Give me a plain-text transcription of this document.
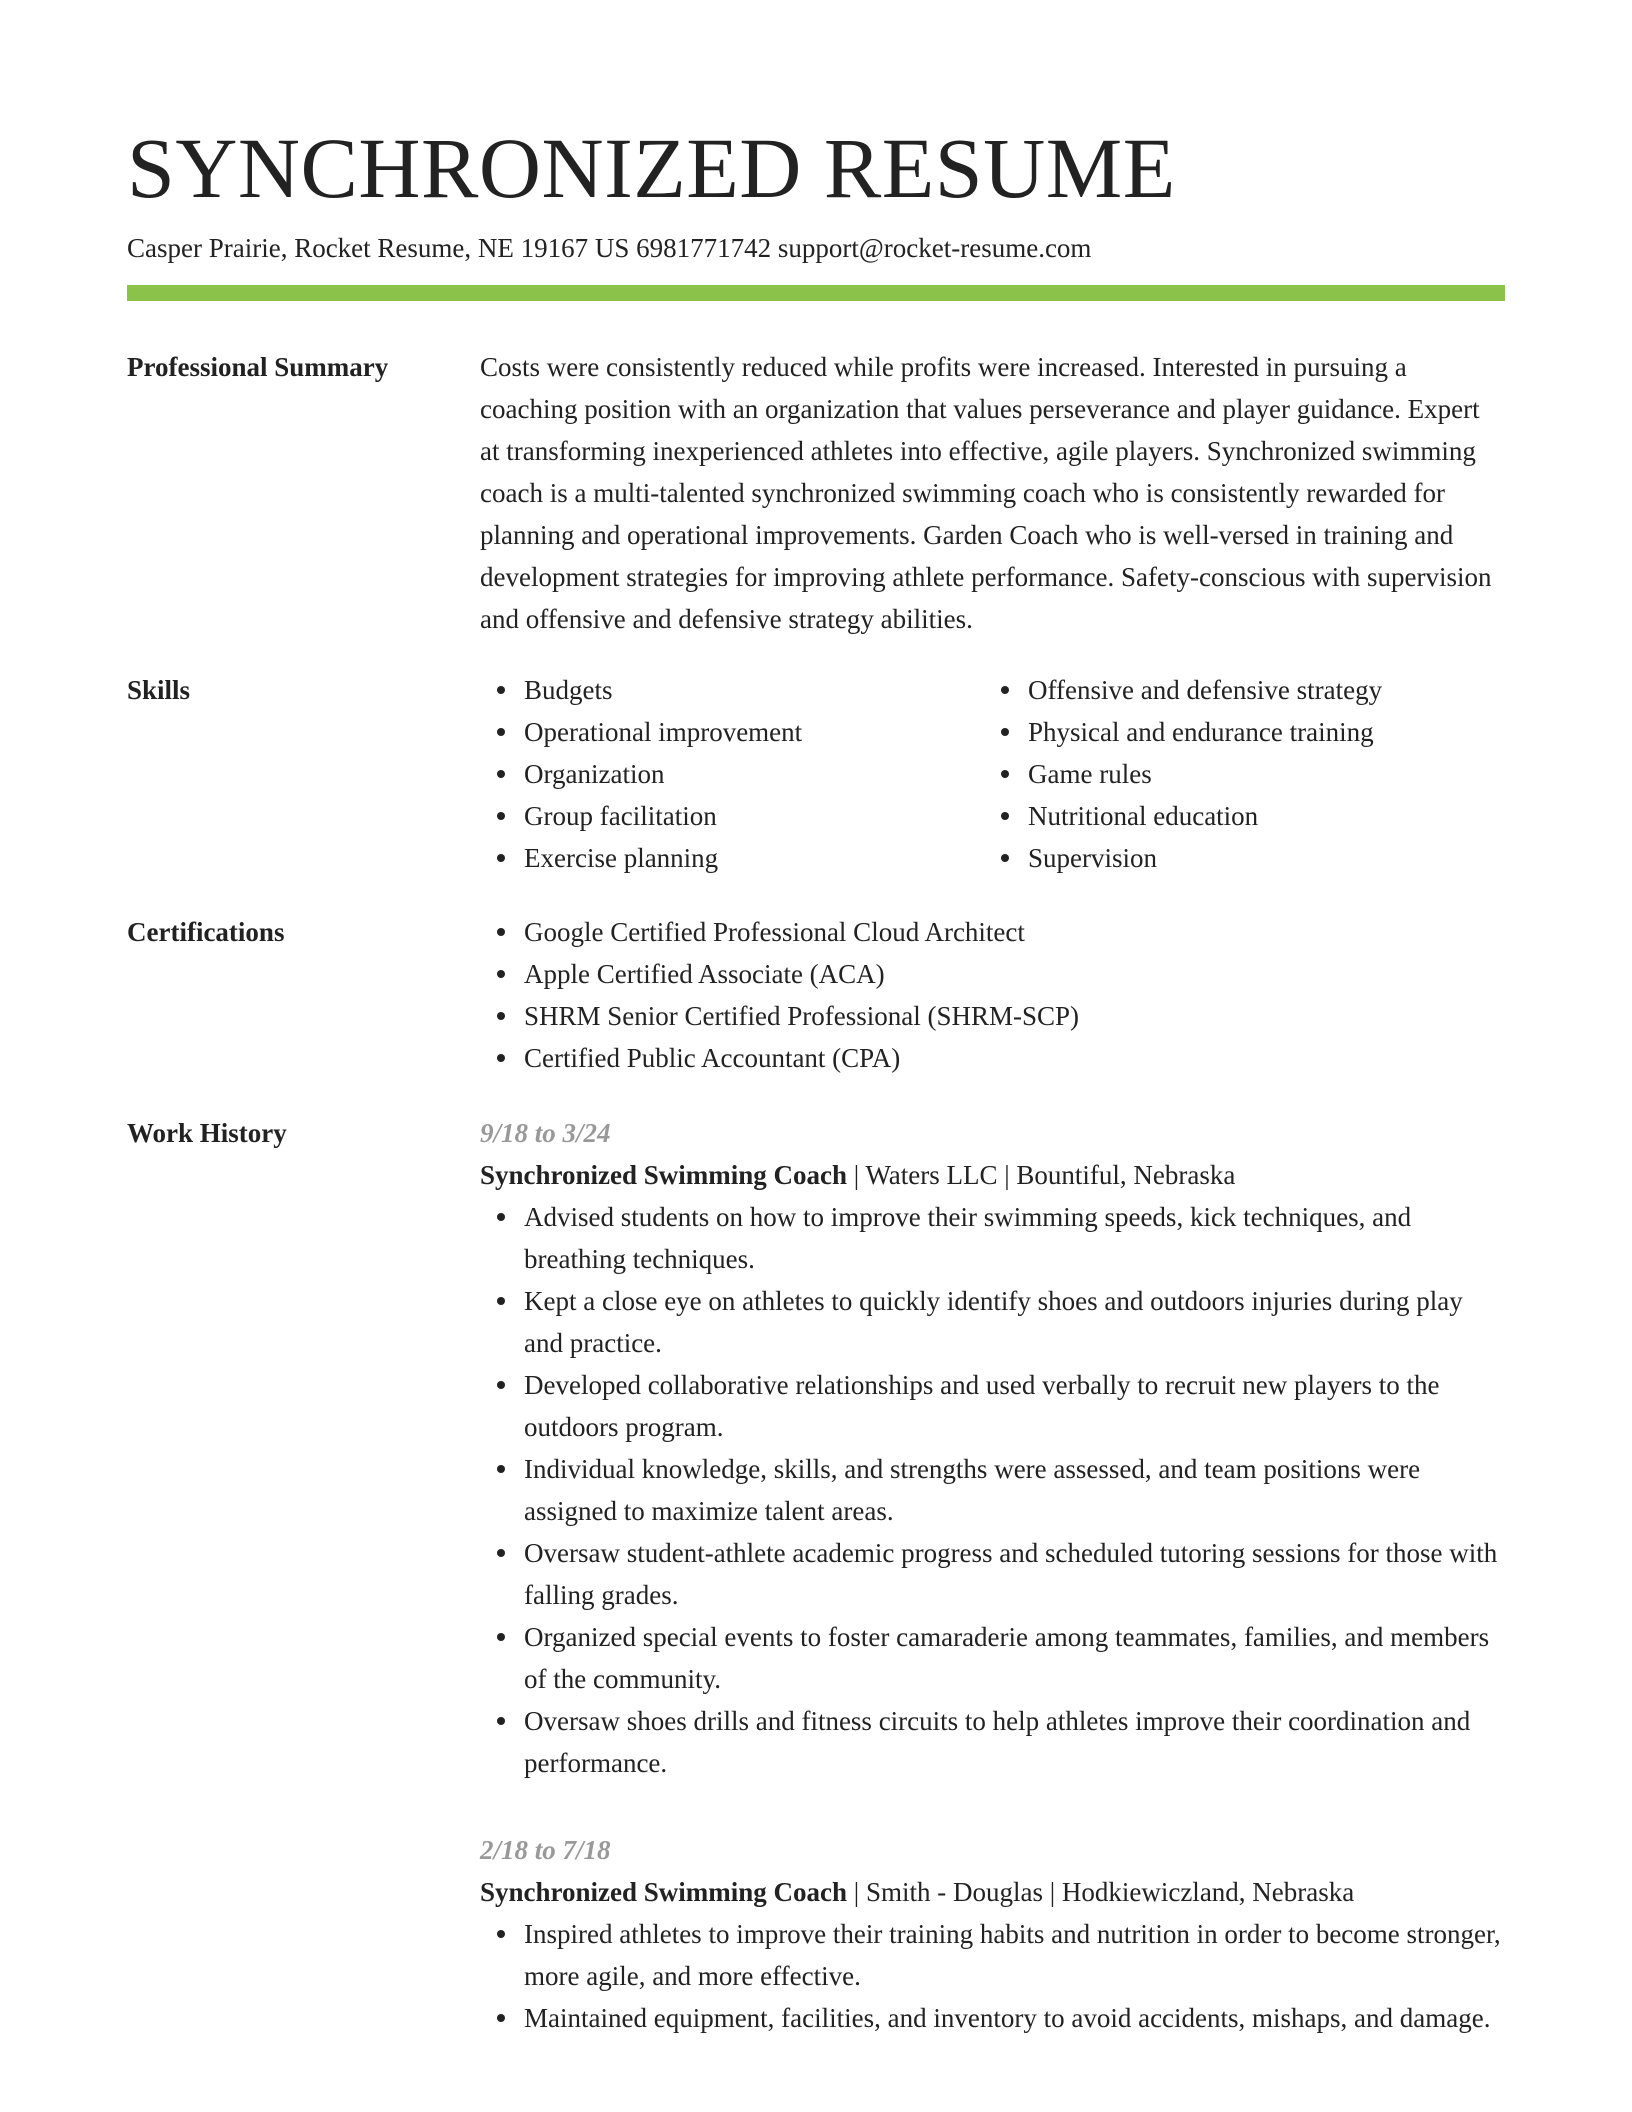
SYNCHRONIZED RESUME
Casper Prairie, Rocket Resume, NE 19167 US 6981771742 support@rocket-resume.com
Professional Summary	Costs were consistently reduced while profits were increased. Interested in pursuing a coaching position with an organization that values perseverance and player guidance. Expert at transforming inexperienced athletes into effective, agile players. Synchronized swimming coach is a multi-talented synchronized swimming coach who is consistently rewarded for planning and operational improvements. Garden Coach who is well-versed in training and development strategies for improving athlete performance. Safety-conscious with supervision and offensive and defensive strategy abilities.

Skills	Budgets
Operational improvement
Organization
Group facilitation
Exercise planning
Offensive and defensive strategy
Physical and endurance training
Game rules
Nutritional education
Supervision
Certifications	Google Certified Professional Cloud Architect
Apple Certified Associate (ACA)
SHRM Senior Certified Professional (SHRM-SCP)
Certified Public Accountant (CPA)
Work History	9/18 to 3/24
Synchronized Swimming Coach | Waters LLC | Bountiful, Nebraska
Advised students on how to improve their swimming speeds, kick techniques, and breathing techniques.
Kept a close eye on athletes to quickly identify shoes and outdoors injuries during play and practice.
Developed collaborative relationships and used verbally to recruit new players to the outdoors program.
Individual knowledge, skills, and strengths were assessed, and team positions were assigned to maximize talent areas.
Oversaw student-athlete academic progress and scheduled tutoring sessions for those with falling grades.
Organized special events to foster camaraderie among teammates, families, and members of the community.
Oversaw shoes drills and fitness circuits to help athletes improve their coordination and performance.
2/18 to 7/18
Synchronized Swimming Coach | Smith - Douglas | Hodkiewiczland, Nebraska
Inspired athletes to improve their training habits and nutrition in order to become stronger, more agile, and more effective.
Maintained equipment, facilities, and inventory to avoid accidents, mishaps, and damage.
